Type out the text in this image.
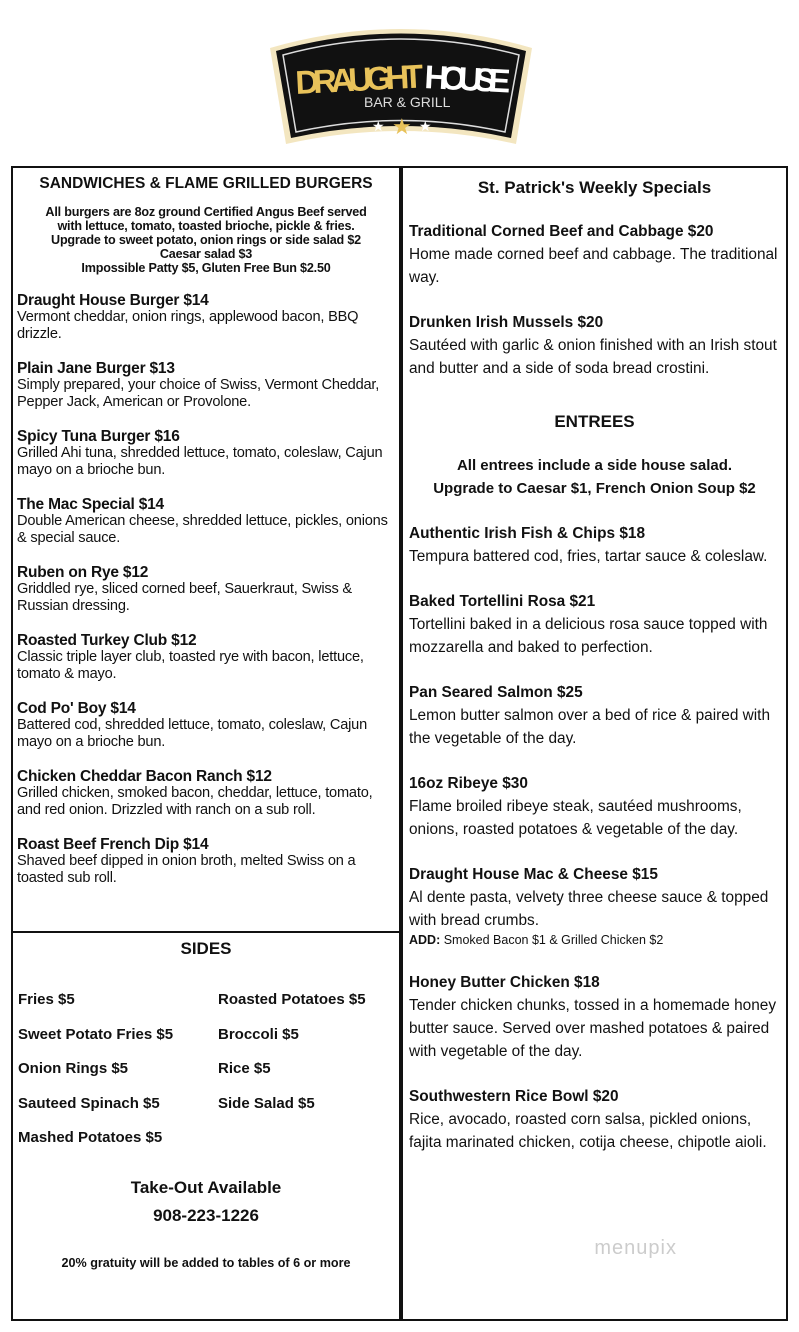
DRAUGHT HOUSE
BAR & GRILL
★ ★ ★
SANDWICHES & FLAME GRILLED BURGERS
All burgers are 8oz ground Certified Angus Beef served
with lettuce, tomato, toasted brioche, pickle & fries.
Upgrade to sweet potato, onion rings or side salad $2
Caesar salad $3
Impossible Patty $5, Gluten Free Bun $2.50
Draught House Burger $14
Vermont cheddar, onion rings, applewood bacon, BBQ drizzle.
Plain Jane Burger $13
Simply prepared, your choice of Swiss, Vermont Cheddar, Pepper Jack, American or Provolone.
Spicy Tuna Burger $16
Grilled Ahi tuna, shredded lettuce, tomato, coleslaw, Cajun mayo on a brioche bun.
The Mac Special $14
Double American cheese, shredded lettuce, pickles, onions & special sauce.
Ruben on Rye $12
Griddled rye, sliced corned beef, Sauerkraut, Swiss & Russian dressing.
Roasted Turkey Club $12
Classic triple layer club, toasted rye with bacon, lettuce, tomato & mayo.
Cod Po' Boy $14
Battered cod, shredded lettuce, tomato, coleslaw, Cajun mayo on a brioche bun.
Chicken Cheddar Bacon Ranch $12
Grilled chicken, smoked bacon, cheddar, lettuce, tomato, and red onion. Drizzled with ranch on a sub roll.
Roast Beef French Dip $14
Shaved beef dipped in onion broth, melted Swiss on a toasted sub roll.
SIDES
Fries $5	Roasted Potatoes $5
Sweet Potato Fries $5	Broccoli $5
Onion Rings $5	Rice $5
Sauteed Spinach $5	Side Salad $5
Mashed Potatoes $5
Take-Out Available
908-223-1226
20% gratuity will be added to tables of 6 or more
St. Patrick's Weekly Specials
Traditional Corned Beef and Cabbage $20
Home made corned beef and cabbage. The traditional way.
Drunken Irish Mussels $20
Sautéed with garlic & onion finished with an Irish stout and butter and a side of soda bread crostini.
ENTREES
All entrees include a side house salad.
Upgrade to Caesar $1, French Onion Soup $2
Authentic Irish Fish & Chips $18
Tempura battered cod, fries, tartar sauce & coleslaw.
Baked Tortellini Rosa $21
Tortellini baked in a delicious rosa sauce topped with mozzarella and baked to perfection.
Pan Seared Salmon $25
Lemon butter salmon over a bed of rice & paired with the vegetable of the day.
16oz Ribeye $30
Flame broiled ribeye steak, sautéed mushrooms, onions, roasted potatoes & vegetable of the day.
Draught House Mac & Cheese $15
Al dente pasta, velvety three cheese sauce & topped with bread crumbs.
ADD: Smoked Bacon $1 & Grilled Chicken $2
Honey Butter Chicken $18
Tender chicken chunks, tossed in a homemade honey butter sauce. Served over mashed potatoes & paired with vegetable of the day.
Southwestern Rice Bowl $20
Rice, avocado, roasted corn salsa, pickled onions, fajita marinated chicken, cotija cheese, chipotle aioli.
menupix
